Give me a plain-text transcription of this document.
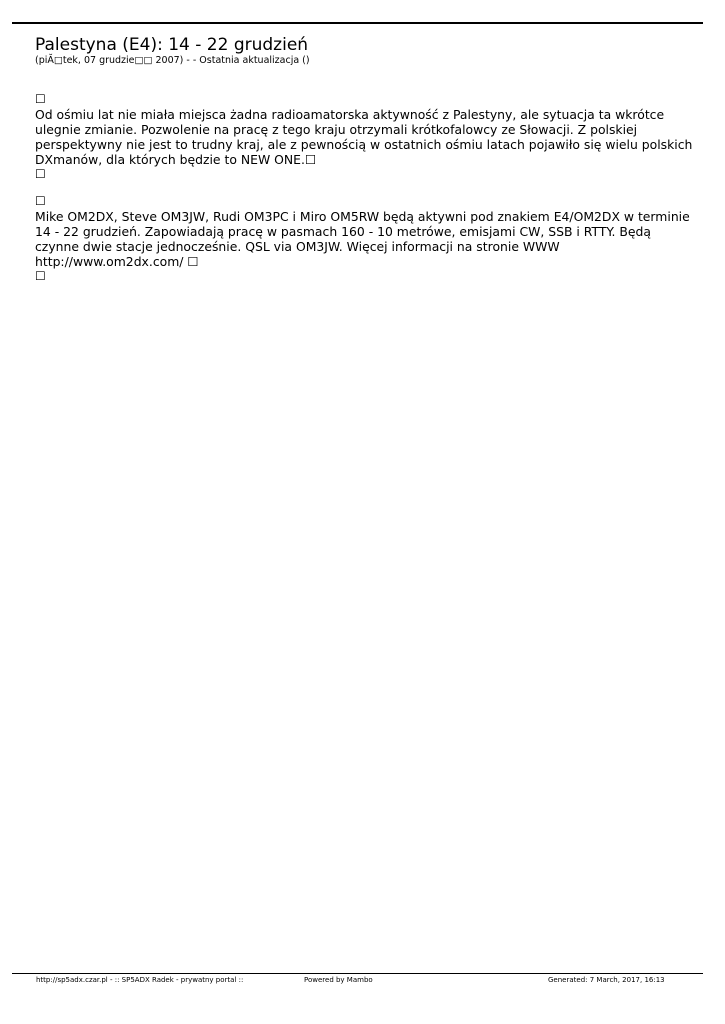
Palestyna (E4): 14 - 22 grudzień
(piĂ□tek, 07 grudzie□□ 2007) - - Ostatnia aktualizacja ()
☐

Od ośmiu lat nie miała miejsca żadna radioamatorska aktywność z Palestyny, ale sytuacja ta wkrótce ulegnie zmianie. Pozwolenie na pracę z tego kraju otrzymali krótkofalowcy ze Słowacji. Z polskiej perspektywny nie jest to trudny kraj, ale z pewnością w ostatnich ośmiu latach pojawiło się wielu polskich DXmanów, dla których będzie to NEW ONE.☐

☐
☐

Mike OM2DX, Steve OM3JW, Rudi OM3PC i Miro OM5RW będą aktywni pod znakiem E4/OM2DX w terminie 14 - 22 grudzień. Zapowiadają pracę w pasmach 160 - 10 metrówe, emisjami CW, SSB i RTTY. Będą czynne dwie stacje jednocześnie. QSL via OM3JW. Więcej informacji na stronie WWW http://www.om2dx.com/ ☐

☐
http://sp5adx.czar.pl - :: SP5ADX Radek - prywatny portal ::	Powered by Mambo	Generated: 7 March, 2017, 16:13
